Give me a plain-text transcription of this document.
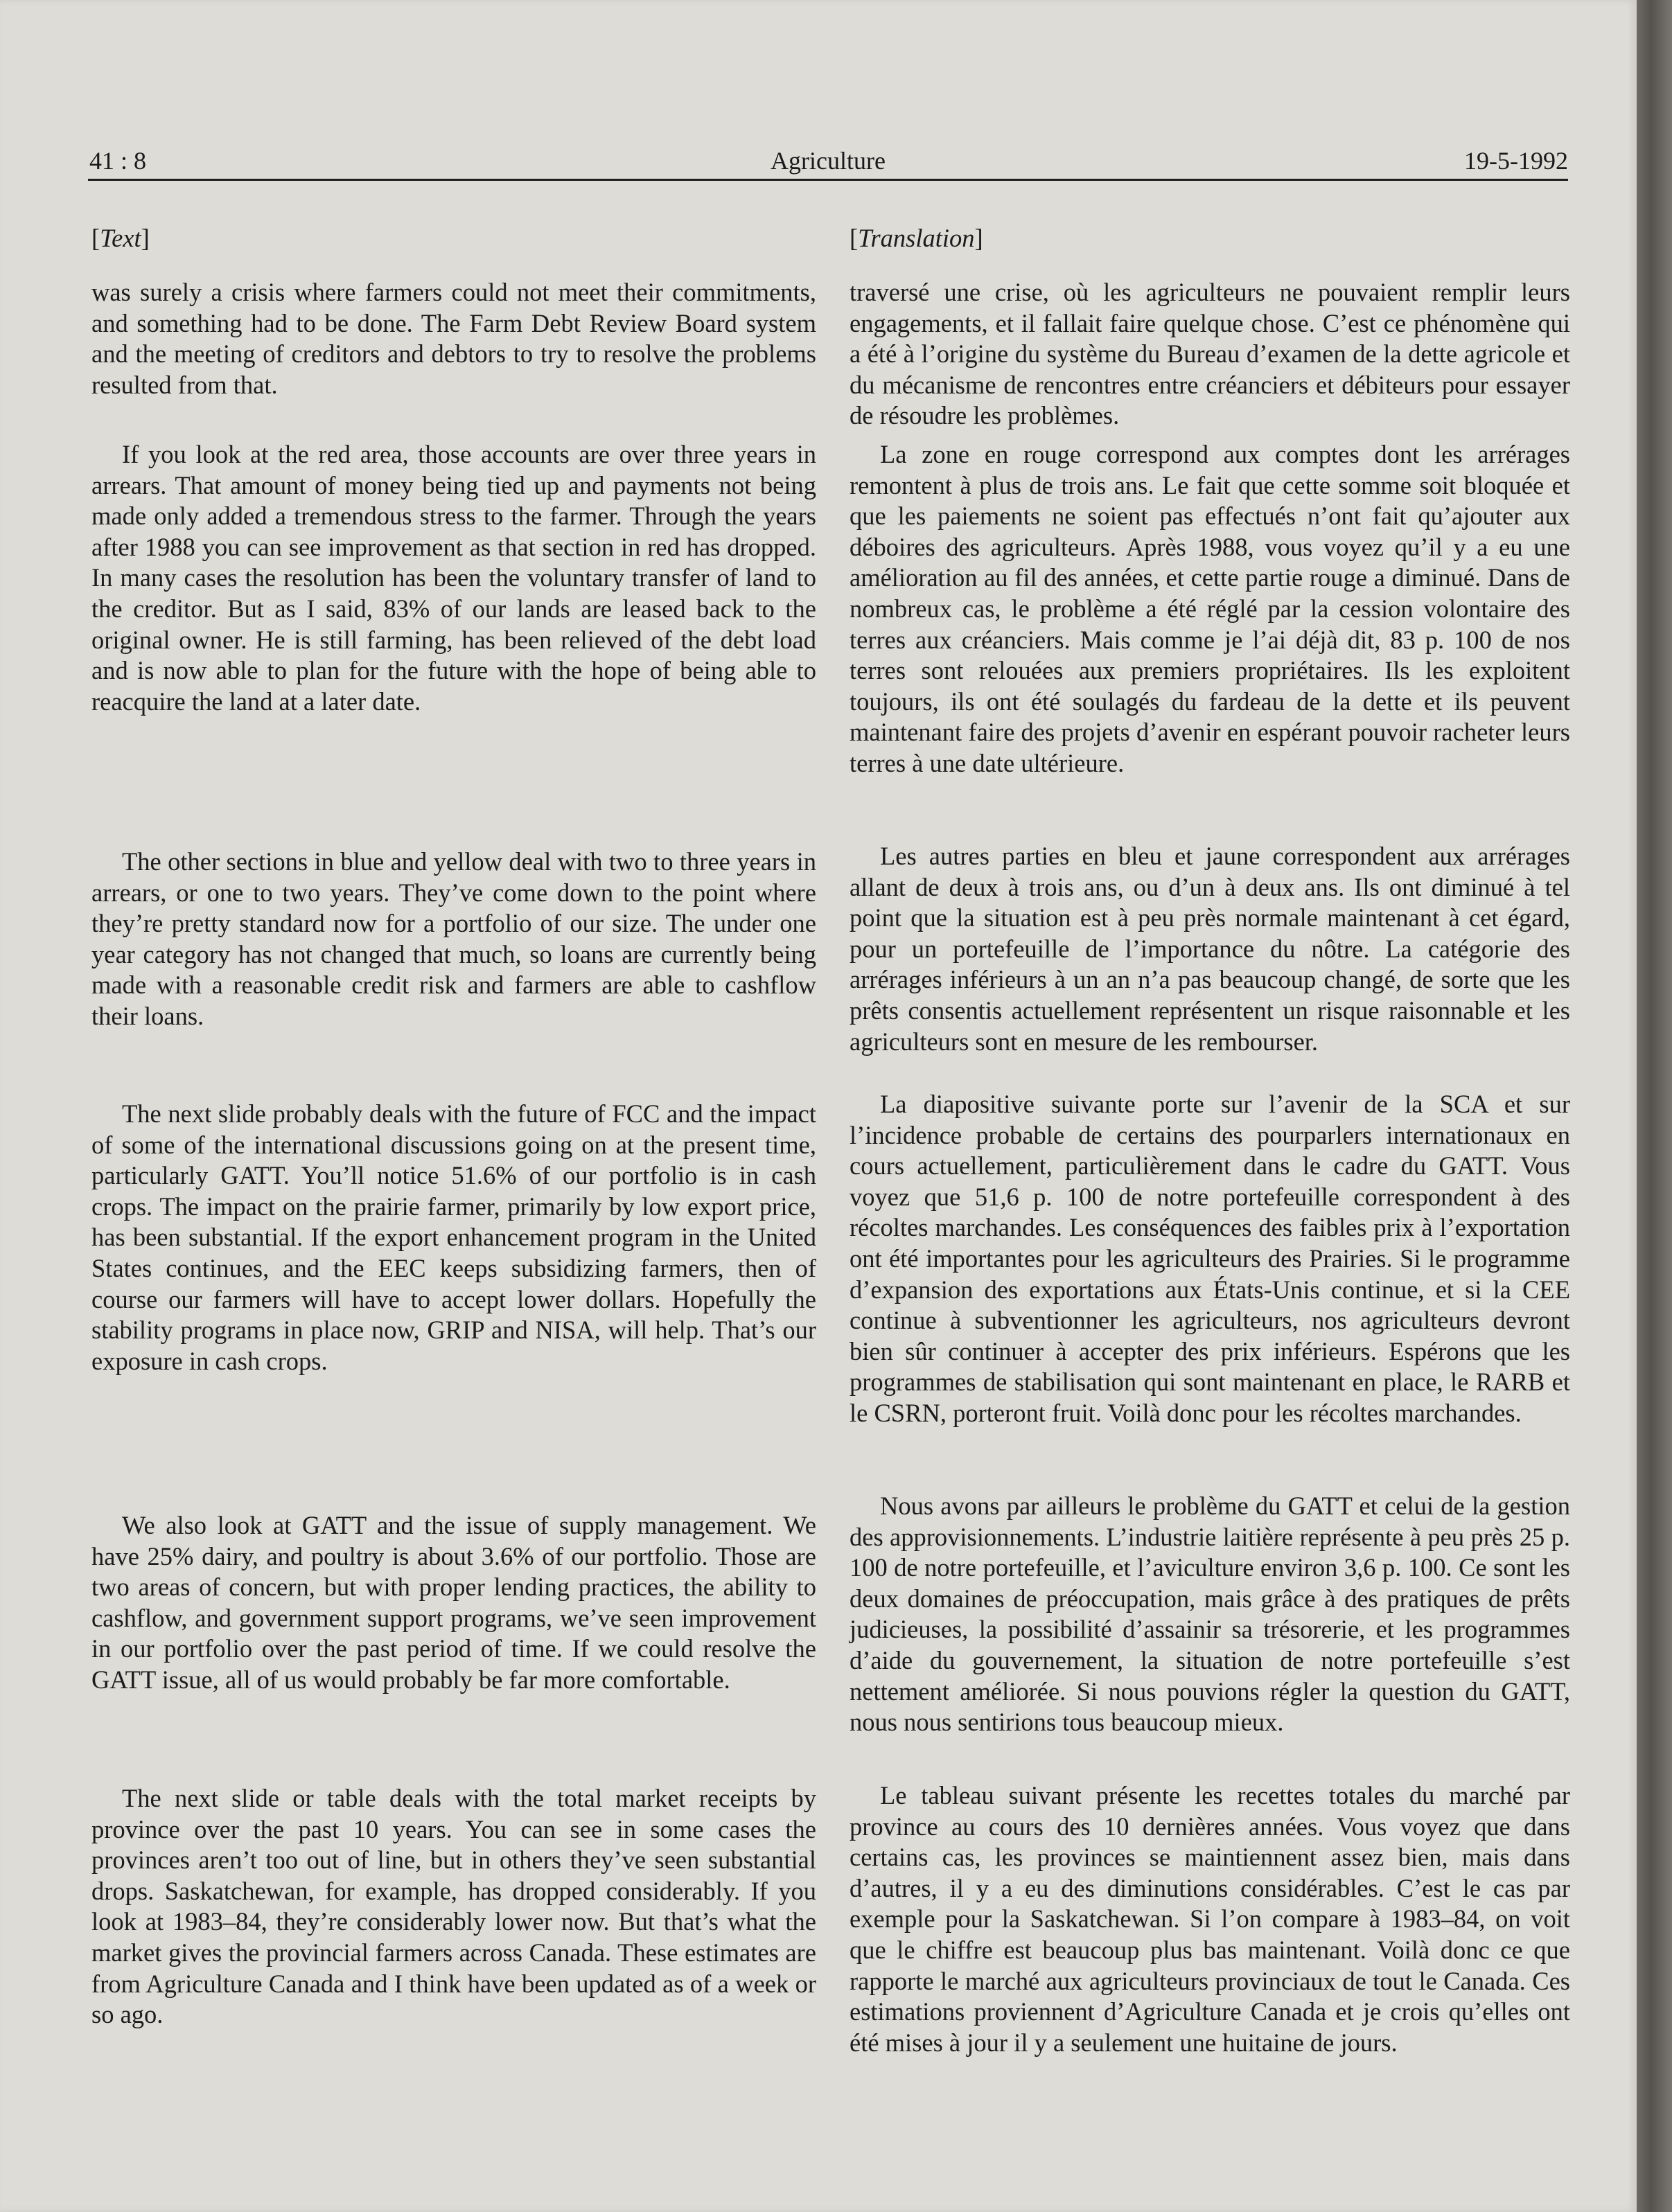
41 : 8	Agriculture	19-5-1992
[Text]

was surely a crisis where farmers could not meet their commitments, and something had to be done. The Farm Debt Review Board system and the meeting of creditors and debtors to try to resolve the problems resulted from that.

If you look at the red area, those accounts are over three years in arrears. That amount of money being tied up and payments not being made only added a tremendous stress to the farmer. Through the years after 1988 you can see improvement as that section in red has dropped. In many cases the resolution has been the voluntary transfer of land to the creditor. But as I said, 83% of our lands are leased back to the original owner. He is still farming, has been relieved of the debt load and is now able to plan for the future with the hope of being able to reacquire the land at a later date.

The other sections in blue and yellow deal with two to three years in arrears, or one to two years. They’ve come down to the point where they’re pretty standard now for a portfolio of our size. The under one year category has not changed that much, so loans are currently being made with a reasonable credit risk and farmers are able to cashflow their loans.

The next slide probably deals with the future of FCC and the impact of some of the international discussions going on at the present time, particularly GATT. You’ll notice 51.6% of our portfolio is in cash crops. The impact on the prairie farmer, primarily by low export price, has been substantial. If the export enhancement program in the United States continues, and the EEC keeps subsidizing farmers, then of course our farmers will have to accept lower dollars. Hopefully the stability programs in place now, GRIP and NISA, will help. That’s our exposure in cash crops.

We also look at GATT and the issue of supply management. We have 25% dairy, and poultry is about 3.6% of our portfolio. Those are two areas of concern, but with proper lending practices, the ability to cashflow, and government support programs, we’ve seen improvement in our portfolio over the past period of time. If we could resolve the GATT issue, all of us would probably be far more comfortable.

The next slide or table deals with the total market receipts by province over the past 10 years. You can see in some cases the provinces aren’t too out of line, but in others they’ve seen substantial drops. Saskatchewan, for example, has dropped considerably. If you look at 1983–84, they’re considerably lower now. But that’s what the market gives the provincial farmers across Canada. These estimates are from Agriculture Canada and I think have been updated as of a week or so ago.

[Translation]

traversé une crise, où les agriculteurs ne pouvaient remplir leurs engagements, et il fallait faire quelque chose. C’est ce phénomène qui a été à l’origine du système du Bureau d’examen de la dette agricole et du mécanisme de rencontres entre créanciers et débiteurs pour essayer de résoudre les problèmes.

La zone en rouge correspond aux comptes dont les arrérages remontent à plus de trois ans. Le fait que cette somme soit bloquée et que les paiements ne soient pas effectués n’ont fait qu’ajouter aux déboires des agriculteurs. Après 1988, vous voyez qu’il y a eu une amélioration au fil des années, et cette partie rouge a diminué. Dans de nombreux cas, le problème a été réglé par la cession volontaire des terres aux créanciers. Mais comme je l’ai déjà dit, 83 p. 100 de nos terres sont relouées aux premiers propriétaires. Ils les exploitent toujours, ils ont été soulagés du fardeau de la dette et ils peuvent maintenant faire des projets d’avenir en espérant pouvoir racheter leurs terres à une date ultérieure.

Les autres parties en bleu et jaune correspondent aux arrérages allant de deux à trois ans, ou d’un à deux ans. Ils ont diminué à tel point que la situation est à peu près normale maintenant à cet égard, pour un portefeuille de l’importance du nôtre. La catégorie des arrérages inférieurs à un an n’a pas beaucoup changé, de sorte que les prêts consentis actuellement représentent un risque raisonnable et les agriculteurs sont en mesure de les rembourser.

La diapositive suivante porte sur l’avenir de la SCA et sur l’incidence probable de certains des pourparlers internationaux en cours actuellement, particulièrement dans le cadre du GATT. Vous voyez que 51,6 p. 100 de notre portefeuille correspondent à des récoltes marchandes. Les conséquences des faibles prix à l’exportation ont été importantes pour les agriculteurs des Prairies. Si le programme d’expansion des exportations aux États-Unis continue, et si la CEE continue à subventionner les agriculteurs, nos agriculteurs devront bien sûr continuer à accepter des prix inférieurs. Espérons que les programmes de stabilisation qui sont maintenant en place, le RARB et le CSRN, porteront fruit. Voilà donc pour les récoltes marchandes.

Nous avons par ailleurs le problème du GATT et celui de la gestion des approvisionnements. L’industrie laitière représente à peu près 25 p. 100 de notre portefeuille, et l’aviculture environ 3,6 p. 100. Ce sont les deux domaines de préoccupation, mais grâce à des pratiques de prêts judicieuses, la possibilité d’assainir sa trésorerie, et les programmes d’aide du gouvernement, la situation de notre portefeuille s’est nettement améliorée. Si nous pouvions régler la question du GATT, nous nous sentirions tous beaucoup mieux.

Le tableau suivant présente les recettes totales du marché par province au cours des 10 dernières années. Vous voyez que dans certains cas, les provinces se maintiennent assez bien, mais dans d’autres, il y a eu des diminutions considérables. C’est le cas par exemple pour la Saskatchewan. Si l’on compare à 1983–84, on voit que le chiffre est beaucoup plus bas maintenant. Voilà donc ce que rapporte le marché aux agriculteurs provinciaux de tout le Canada. Ces estimations proviennent d’Agriculture Canada et je crois qu’elles ont été mises à jour il y a seulement une huitaine de jours.
